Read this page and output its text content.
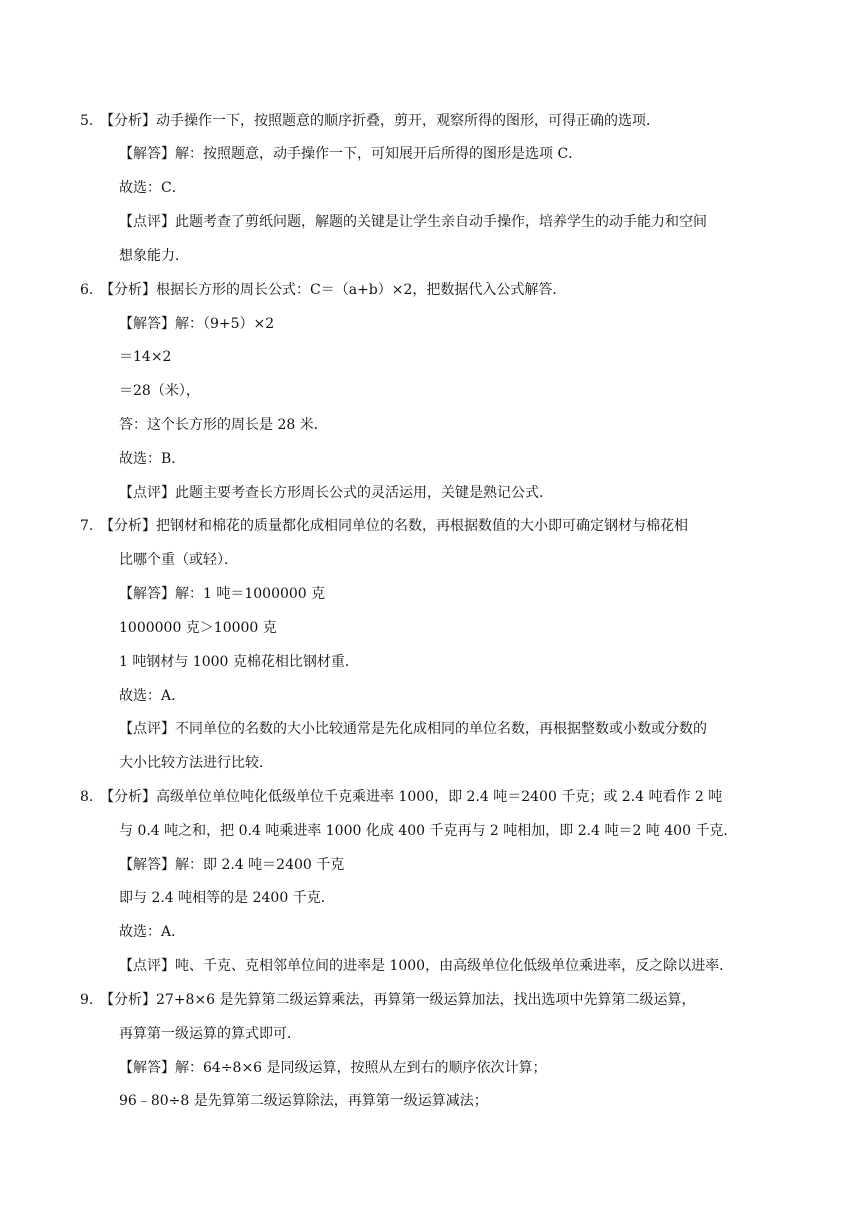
5. 【分析】动手操作一下，按照题意的顺序折叠，剪开，观察所得的图形，可得正确的选项．
【解答】解：按照题意，动手操作一下，可知展开后所得的图形是选项 C．
故选：C．
【点评】此题考查了剪纸问题，解题的关键是让学生亲自动手操作，培养学生的动手能力和空间
想象能力．
6. 【分析】根据长方形的周长公式：C＝（a+b）×2，把数据代入公式解答．
【解答】解：（9+5）×2
＝14×2
＝28（米），
答：这个长方形的周长是 28 米．
故选：B．
【点评】此题主要考查长方形周长公式的灵活运用，关键是熟记公式．
7. 【分析】把钢材和棉花的质量都化成相同单位的名数，再根据数值的大小即可确定钢材与棉花相
比哪个重（或轻）．
【解答】解：1 吨＝1000000 克
1000000 克＞10000 克
1 吨钢材与 1000 克棉花相比钢材重．
故选：A．
【点评】不同单位的名数的大小比较通常是先化成相同的单位名数，再根据整数或小数或分数的
大小比较方法进行比较．
8. 【分析】高级单位单位吨化低级单位千克乘进率 1000，即 2.4 吨＝2400 千克；或 2.4 吨看作 2 吨
与 0.4 吨之和，把 0.4 吨乘进率 1000 化成 400 千克再与 2 吨相加，即 2.4 吨＝2 吨 400 千克．
【解答】解：即 2.4 吨＝2400 千克
即与 2.4 吨相等的是 2400 千克．
故选：A．
【点评】吨、千克、克相邻单位间的进率是 1000，由高级单位化低级单位乘进率，反之除以进率．
9. 【分析】27+8×6 是先算第二级运算乘法，再算第一级运算加法，找出选项中先算第二级运算，
再算第一级运算的算式即可．
【解答】解：64÷8×6 是同级运算，按照从左到右的顺序依次计算；
96﹣80÷8 是先算第二级运算除法，再算第一级运算减法；
